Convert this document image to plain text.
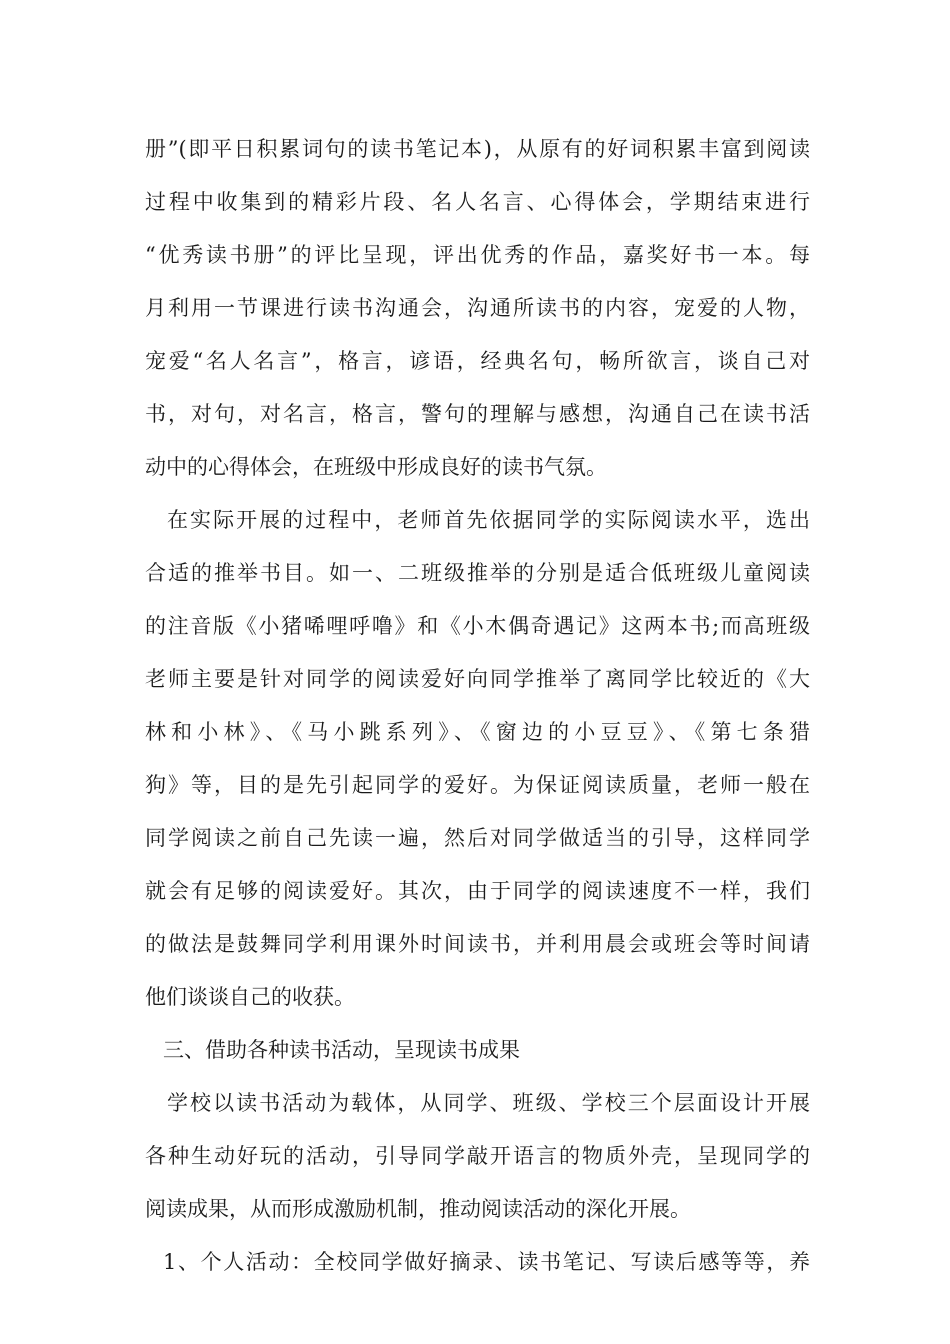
册”(即平日积累词句的读书笔记本)，从原有的好词积累丰富到阅读
过程中收集到的精彩片段、名人名言、心得体会，学期结束进行
“优秀读书册”的评比呈现，评出优秀的作品，嘉奖好书一本。每
月利用一节课进行读书沟通会，沟通所读书的内容，宠爱的人物，
宠爱“名人名言”，格言，谚语，经典名句，畅所欲言，谈自己对
书，对句，对名言，格言，警句的理解与感想，沟通自己在读书活
动中的心得体会，在班级中形成良好的读书气氛。
在实际开展的过程中，老师首先依据同学的实际阅读水平，选出
合适的推举书目。如一、二班级推举的分别是适合低班级儿童阅读
的注音版《小猪唏哩呼噜》和《小木偶奇遇记》这两本书;而高班级
老师主要是针对同学的阅读爱好向同学推举了离同学比较近的《大
林和小林》、《马小跳系列》、《窗边的小豆豆》、《第七条猎
狗》等，目的是先引起同学的爱好。为保证阅读质量，老师一般在
同学阅读之前自己先读一遍，然后对同学做适当的引导，这样同学
就会有足够的阅读爱好。其次，由于同学的阅读速度不一样，我们
的做法是鼓舞同学利用课外时间读书，并利用晨会或班会等时间请
他们谈谈自己的收获。
三、借助各种读书活动，呈现读书成果
学校以读书活动为载体，从同学、班级、学校三个层面设计开展
各种生动好玩的活动，引导同学敲开语言的物质外壳，呈现同学的
阅读成果，从而形成激励机制，推动阅读活动的深化开展。
1、个人活动：全校同学做好摘录、读书笔记、写读后感等等，养
